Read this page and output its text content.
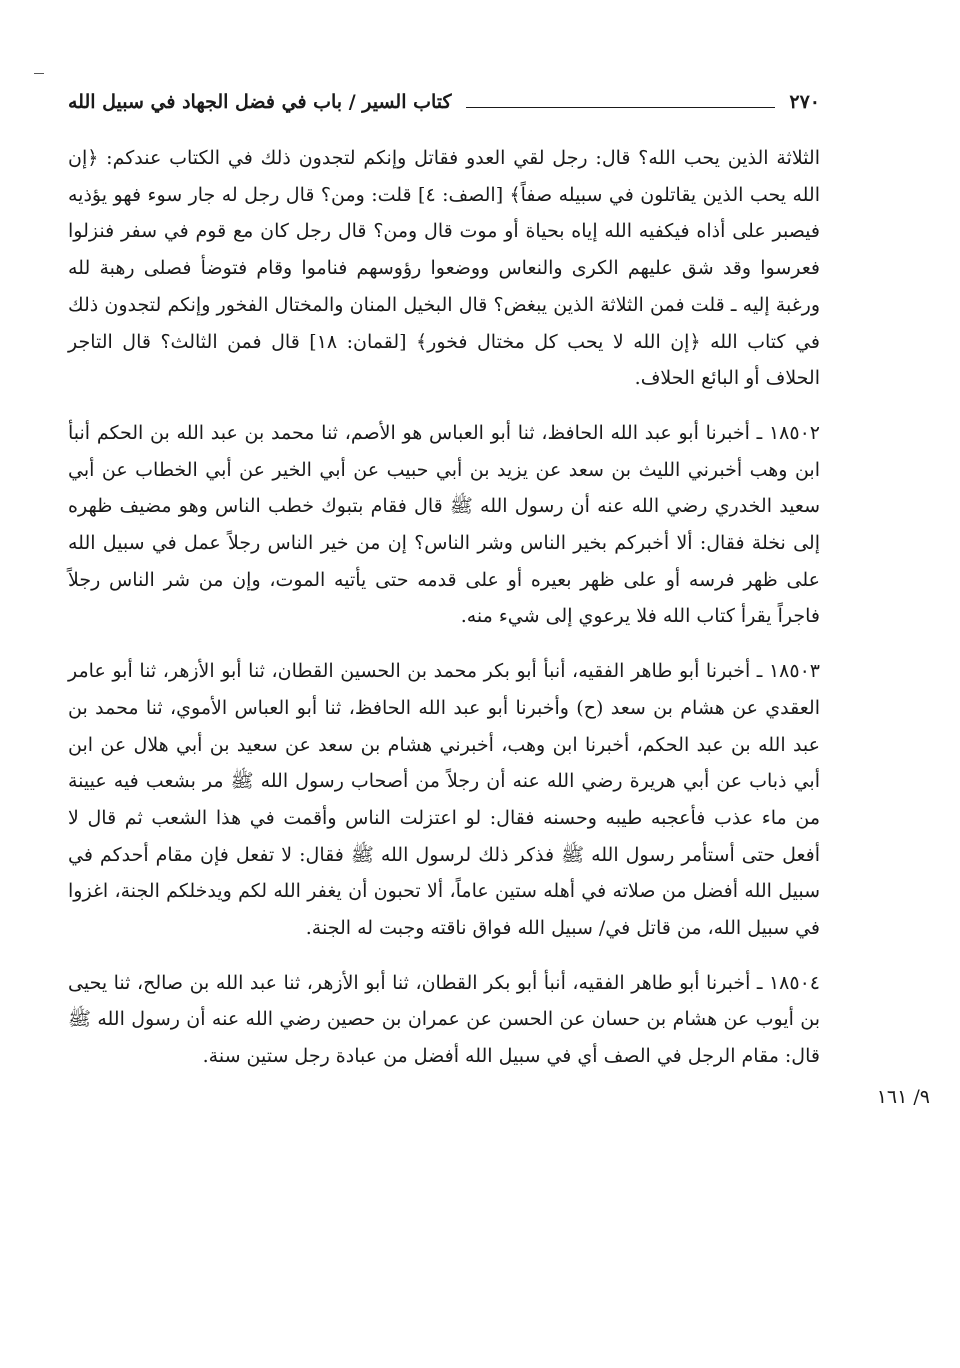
٢٧٠
كتاب السير / باب في فضل الجهاد في سبيل الله

الثلاثة الذين يحب الله؟ قال: رجل لقي العدو فقاتل وإنكم لتجدون ذلك في الكتاب عندكم: ﴿إن الله يحب الذين يقاتلون في سبيله صفاً﴾ [الصف: ٤] قلت: ومن؟ قال رجل له جار سوء فهو يؤذيه فيصبر على أذاه فيكفيه الله إياه بحياة أو موت قال ومن؟ قال رجل كان مع قوم في سفر فنزلوا فعرسوا وقد شق عليهم الكرى والنعاس ووضعوا رؤوسهم فناموا وقام فتوضأ فصلى رهبة لله ورغبة إليه ـ قلت فمن الثلاثة الذين يبغض؟ قال البخيل المنان والمختال الفخور وإنكم لتجدون ذلك في كتاب الله ﴿إن الله لا يحب كل مختال فخور﴾ [لقمان: ١٨] قال فمن الثالث؟ قال التاجر الحلاف أو البائع الحلاف.

١٨٥٠٢ ـ أخبرنا أبو عبد الله الحافظ، ثنا أبو العباس هو الأصم، ثنا محمد بن عبد الله بن الحكم أنبأ ابن وهب أخبرني الليث بن سعد عن يزيد بن أبي حبيب عن أبي الخير عن أبي الخطاب عن أبي سعيد الخدري رضي الله عنه أن رسول الله ﷺ قال فقام بتبوك خطب الناس وهو مضيف ظهره إلى نخلة فقال: ألا أخبركم بخير الناس وشر الناس؟ إن من خير الناس رجلاً عمل في سبيل الله على ظهر فرسه أو على ظهر بعيره أو على قدمه حتى يأتيه الموت، وإن من شر الناس رجلاً فاجراً يقرأ كتاب الله فلا يرعوي إلى شيء منه.

١٨٥٠٣ ـ أخبرنا أبو طاهر الفقيه، أنبأ أبو بكر محمد بن الحسين القطان، ثنا أبو الأزهر، ثنا أبو عامر العقدي عن هشام بن سعد (ح) وأخبرنا أبو عبد الله الحافظ، ثنا أبو العباس الأموي، ثنا محمد بن عبد الله بن عبد الحكم، أخبرنا ابن وهب، أخبرني هشام بن سعد عن سعيد بن أبي هلال عن ابن أبي ذباب عن أبي هريرة رضي الله عنه أن رجلاً من أصحاب رسول الله ﷺ مر بشعب فيه عيينة من ماء عذب فأعجبه طيبه وحسنه فقال: لو اعتزلت الناس وأقمت في هذا الشعب ثم قال لا أفعل حتى أستأمر رسول الله ﷺ فذكر ذلك لرسول الله ﷺ فقال: لا تفعل فإن مقام أحدكم في سبيل الله أفضل من صلاته في أهله ستين عاماً، ألا تحبون أن يغفر الله لكم ويدخلكم الجنة، اغزوا في سبيل الله، من قاتل في/ سبيل الله فواق ناقته وجبت له الجنة.

١٨٥٠٤ ـ أخبرنا أبو طاهر الفقيه، أنبأ أبو بكر القطان، ثنا أبو الأزهر، ثنا عبد الله بن صالح، ثنا يحيى بن أيوب عن هشام بن حسان عن الحسن عن عمران بن حصين رضي الله عنه أن رسول الله ﷺ قال: مقام الرجل في الصف أي في سبيل الله أفضل من عبادة رجل ستين سنة.

٩/ ١٦١
